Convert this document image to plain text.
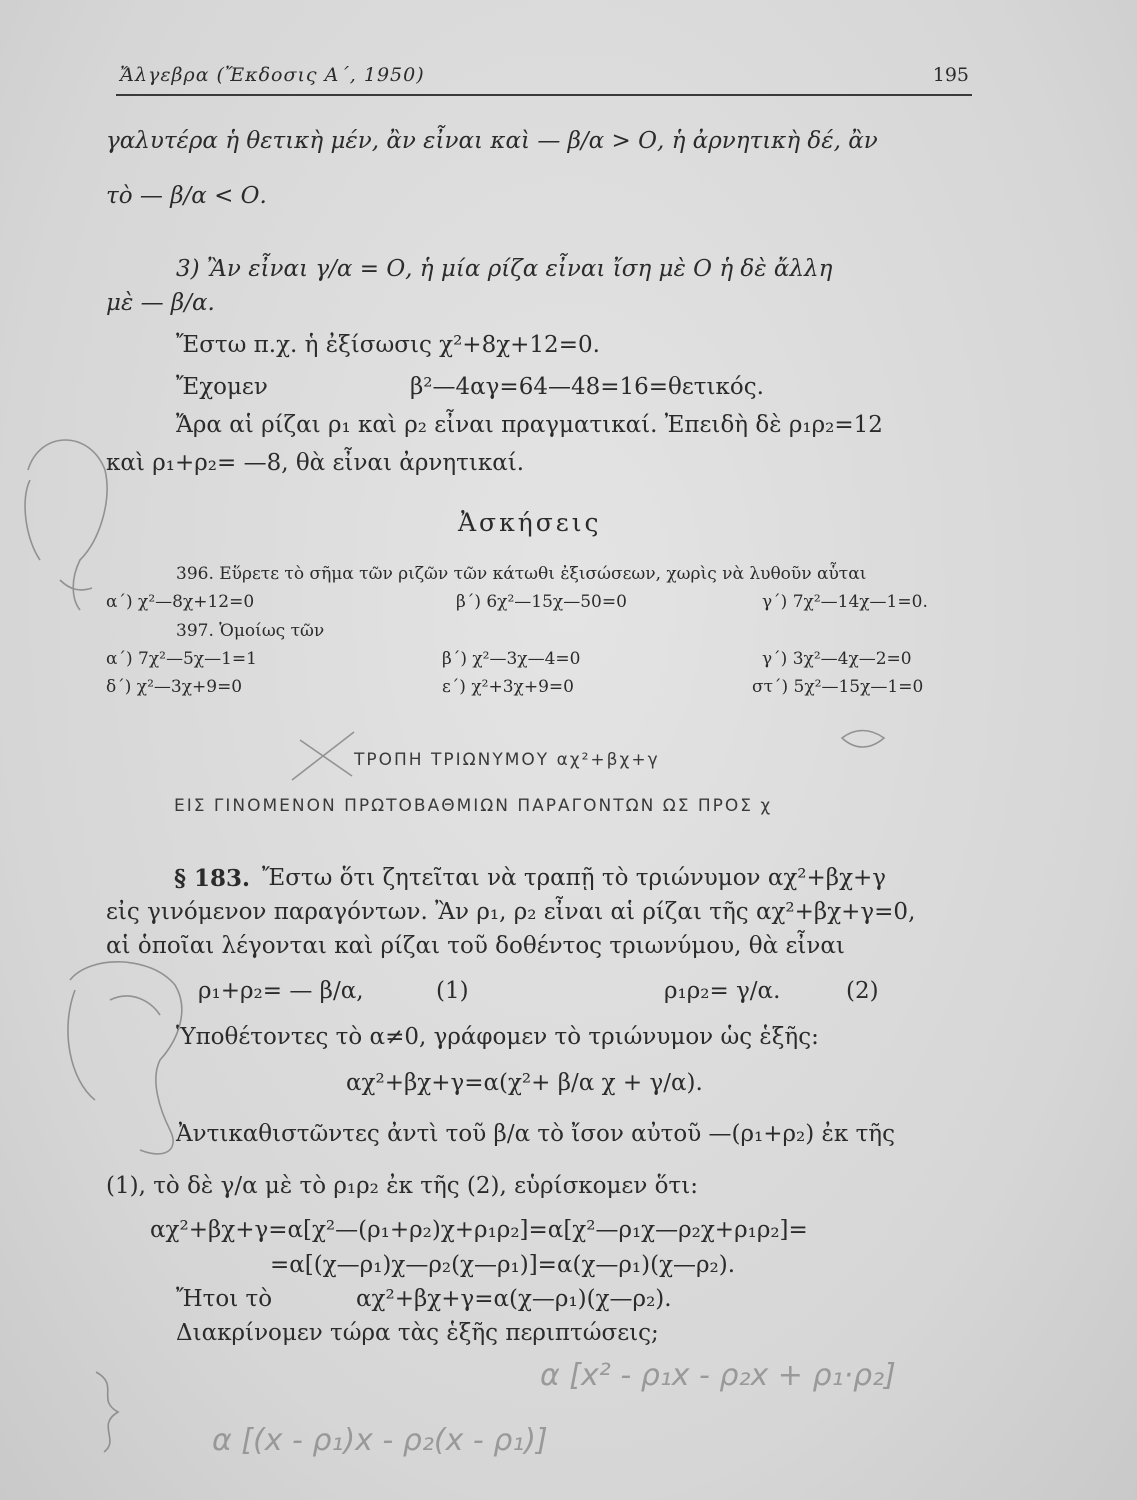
Ἄλγεβρα (Ἔκδοσις Α΄, 1950)	195
γαλυτέρα ἡ θετικὴ μέν, ἂν εἶναι καὶ — β/α > Ο, ἡ ἀρνητικὴ δέ, ἂν
τὸ — β/α < Ο.
3) Ἂν εἶναι γ/α = Ο, ἡ μία ρίζα εἶναι ἴση μὲ Ο ἡ δὲ ἄλλη
μὲ — β/α.
Ἔστω π.χ. ἡ ἐξίσωσις χ²+8χ+12=0.
Ἔχομεν	β²—4αγ=64—48=16=θετικός.
Ἄρα αἱ ρίζαι ρ₁ καὶ ρ₂ εἶναι πραγματικαί. Ἐπειδὴ δὲ ρ₁ρ₂=12
καὶ ρ₁+ρ₂= —8, θὰ εἶναι ἀρνητικαί.
Ἀσκήσεις
396. Εὕρετε τὸ σῆμα τῶν ριζῶν τῶν κάτωθι ἐξισώσεων, χωρὶς νὰ λυθοῦν αὗται
α΄) χ²—8χ+12=0	β΄) 6χ²—15χ—50=0	γ΄) 7χ²—14χ—1=0.
397. Ὁμοίως τῶν
α΄) 7χ²—5χ—1=1	β΄) χ²—3χ—4=0	γ΄) 3χ²—4χ—2=0
δ΄) χ²—3χ+9=0	ε΄) χ²+3χ+9=0	στ΄) 5χ²—15χ—1=0
ΤΡΟΠΗ ΤΡΙΩΝΥΜΟΥ αχ²+βχ+γ
ΕΙΣ ΓΙΝΟΜΕΝΟΝ ΠΡΩΤΟΒΑΘΜΙΩΝ ΠΑΡΑΓΟΝΤΩΝ ΩΣ ΠΡΟΣ χ
§ 183. Ἔστω ὅτι ζητεῖται νὰ τραπῇ τὸ τριώνυμον αχ²+βχ+γ
εἰς γινόμενον παραγόντων. Ἂν ρ₁, ρ₂ εἶναι αἱ ρίζαι τῆς αχ²+βχ+γ=0,
αἱ ὁποῖαι λέγονται καὶ ρίζαι τοῦ δοθέντος τριωνύμου, θὰ εἶναι
ρ₁+ρ₂= — β/α,	(1)	ρ₁ρ₂= γ/α.	(2)
Ὑποθέτοντες τὸ α≠0, γράφομεν τὸ τριώνυμον ὡς ἑξῆς:
αχ²+βχ+γ=α(χ²+ β/α χ + γ/α).
Ἀντικαθιστῶντες ἀντὶ τοῦ β/α τὸ ἴσον αὐτοῦ —(ρ₁+ρ₂) ἐκ τῆς
(1), τὸ δὲ γ/α μὲ τὸ ρ₁ρ₂ ἐκ τῆς (2), εὑρίσκομεν ὅτι:
αχ²+βχ+γ=α[χ²—(ρ₁+ρ₂)χ+ρ₁ρ₂]=α[χ²—ρ₁χ—ρ₂χ+ρ₁ρ₂]=
=α[(χ—ρ₁)χ—ρ₂(χ—ρ₁)]=α(χ—ρ₁)(χ—ρ₂).
Ἤτοι τὸ	αχ²+βχ+γ=α(χ—ρ₁)(χ—ρ₂).
Διακρίνομεν τώρα τὰς ἑξῆς περιπτώσεις;
α [x² - ρ₁x - ρ₂x + ρ₁·ρ₂]
α [(x - ρ₁)x - ρ₂(x - ρ₁)]
